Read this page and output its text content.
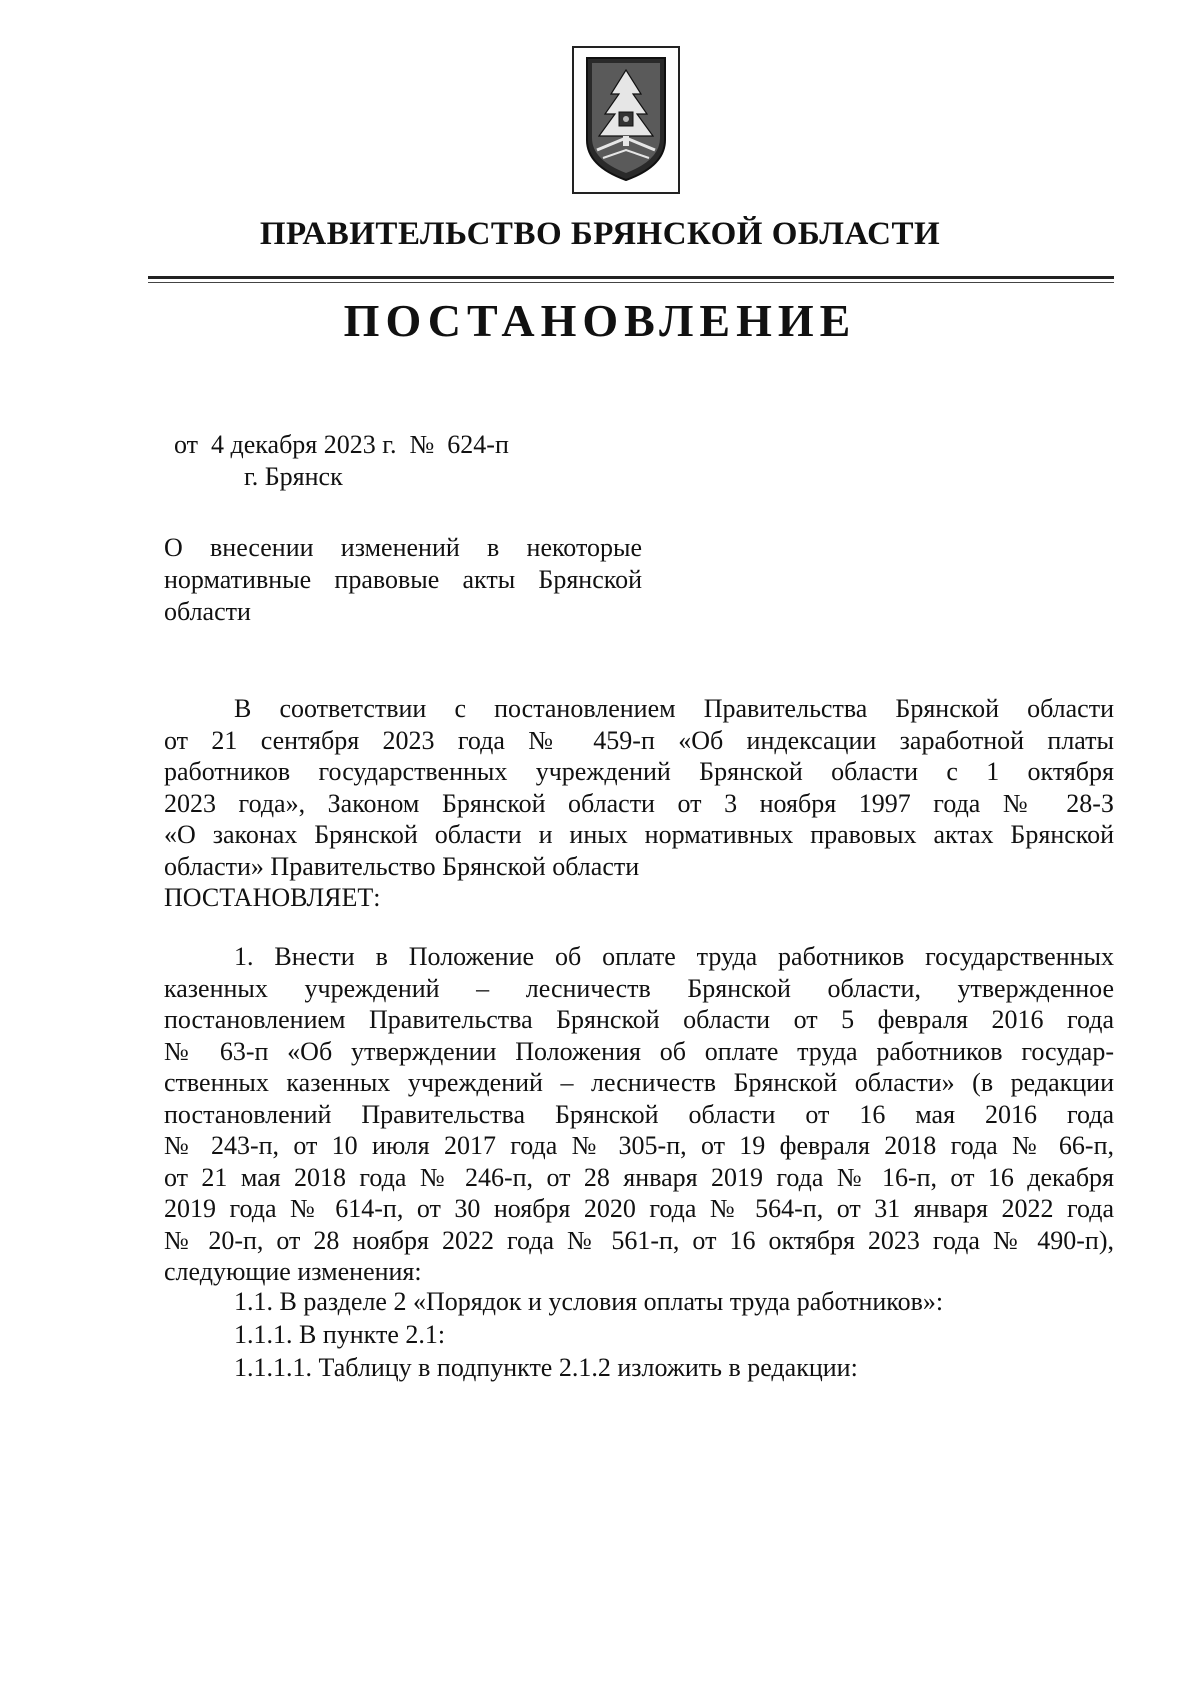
ПРАВИТЕЛЬСТВО БРЯНСКОЙ ОБЛАСТИ
ПОСТАНОВЛЕНИЕ
от  4 декабря 2023 г.  №  624-п
г. Брянск
О внесении изменений в некоторые
нормативные правовые акты Брянской
области
В соответствии с постановлением Правительства Брянской области
от 21 сентября 2023 года № 459-п «Об индексации заработной платы
работников государственных учреждений Брянской области с 1 октября
2023 года», Законом Брянской области от 3 ноября 1997 года № 28-З
«О законах Брянской области и иных нормативных правовых актах Брянской
области» Правительство Брянской области
ПОСТАНОВЛЯЕТ:
1. Внести в Положение об оплате труда работников государственных
казенных учреждений – лесничеств Брянской области, утвержденное
постановлением Правительства Брянской области от 5 февраля 2016 года
№ 63-п «Об утверждении Положения об оплате труда работников государ-
ственных казенных учреждений – лесничеств Брянской области» (в редакции
постановлений Правительства Брянской области от 16 мая 2016 года
№ 243-п, от 10 июля 2017 года № 305-п, от 19 февраля 2018 года № 66-п,
от 21 мая 2018 года № 246-п, от 28 января 2019 года № 16-п, от 16 декабря
2019 года № 614-п, от 30 ноября 2020 года № 564-п, от 31 января 2022 года
№ 20-п, от 28 ноября 2022 года № 561-п, от 16 октября 2023 года № 490-п),
следующие изменения:
1.1. В разделе 2 «Порядок и условия оплаты труда работников»:
1.1.1. В пункте 2.1:
1.1.1.1. Таблицу в подпункте 2.1.2 изложить в редакции:
